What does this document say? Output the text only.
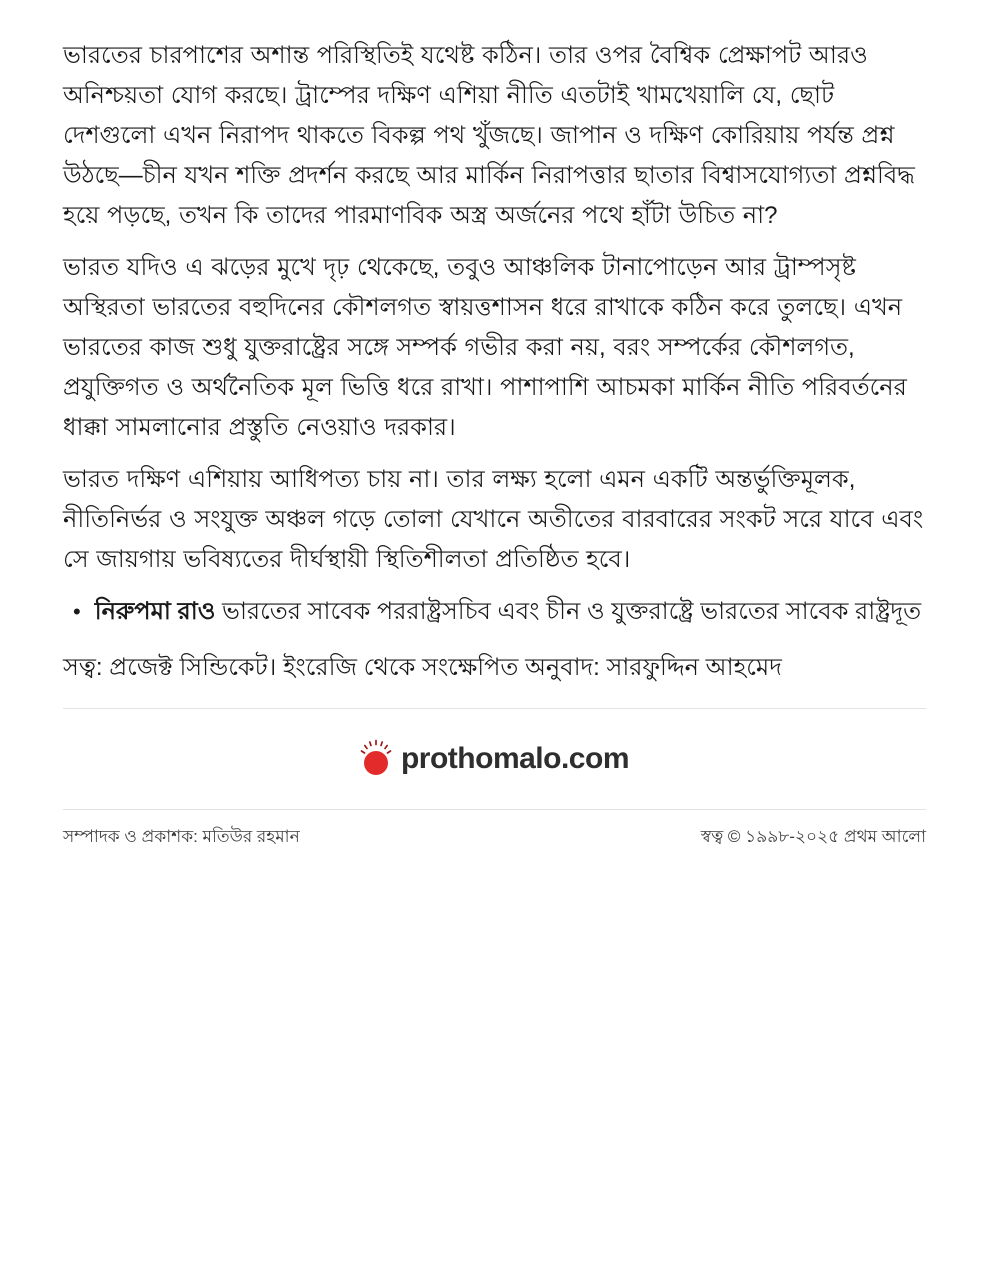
ভারতের চারপাশের অশান্ত পরিস্থিতিই যথেষ্ট কঠিন। তার ওপর বৈশ্বিক প্রেক্ষাপট আরও অনিশ্চয়তা যোগ করছে। ট্রাম্পের দক্ষিণ এশিয়া নীতি এতটাই খামখেয়ালি যে, ছোট দেশগুলো এখন নিরাপদ থাকতে বিকল্প পথ খুঁজছে। জাপান ও দক্ষিণ কোরিয়ায় পর্যন্ত প্রশ্ন উঠছে—চীন যখন শক্তি প্রদর্শন করছে আর মার্কিন নিরাপত্তার ছাতার বিশ্বাসযোগ্যতা প্রশ্নবিদ্ধ হয়ে পড়ছে, তখন কি তাদের পারমাণবিক অস্ত্র অর্জনের পথে হাঁটা উচিত না?

ভারত যদিও এ ঝড়ের মুখে দৃঢ় থেকেছে, তবুও আঞ্চলিক টানাপোড়েন আর ট্রাম্পসৃষ্ট অস্থিরতা ভারতের বহুদিনের কৌশলগত স্বায়ত্তশাসন ধরে রাখাকে কঠিন করে তুলছে। এখন ভারতের কাজ শুধু যুক্তরাষ্ট্রের সঙ্গে সম্পর্ক গভীর করা নয়, বরং সম্পর্কের কৌশলগত, প্রযুক্তিগত ও অর্থনৈতিক মূল ভিত্তি ধরে রাখা। পাশাপাশি আচমকা মার্কিন নীতি পরিবর্তনের ধাক্কা সামলানোর প্রস্তুতি নেওয়াও দরকার।

ভারত দক্ষিণ এশিয়ায় আধিপত্য চায় না। তার লক্ষ্য হলো এমন একটি অন্তর্ভুক্তিমূলক, নীতিনির্ভর ও সংযুক্ত অঞ্চল গড়ে তোলা যেখানে অতীতের বারবারের সংকট সরে যাবে এবং সে জায়গায় ভবিষ্যতের দীর্ঘস্থায়ী স্থিতিশীলতা প্রতিষ্ঠিত হবে।

• নিরুপমা রাও ভারতের সাবেক পররাষ্ট্রসচিব এবং চীন ও যুক্তরাষ্ট্রে ভারতের সাবেক রাষ্ট্রদূত

সত্ব: প্রজেক্ট সিন্ডিকেট। ইংরেজি থেকে সংক্ষেপিত অনুবাদ: সারফুদ্দিন আহমেদ

prothomalo.com
সম্পাদক ও প্রকাশক: মতিউর রহমান	স্বত্ব © ১৯৯৮-২০২৫ প্রথম আলো
